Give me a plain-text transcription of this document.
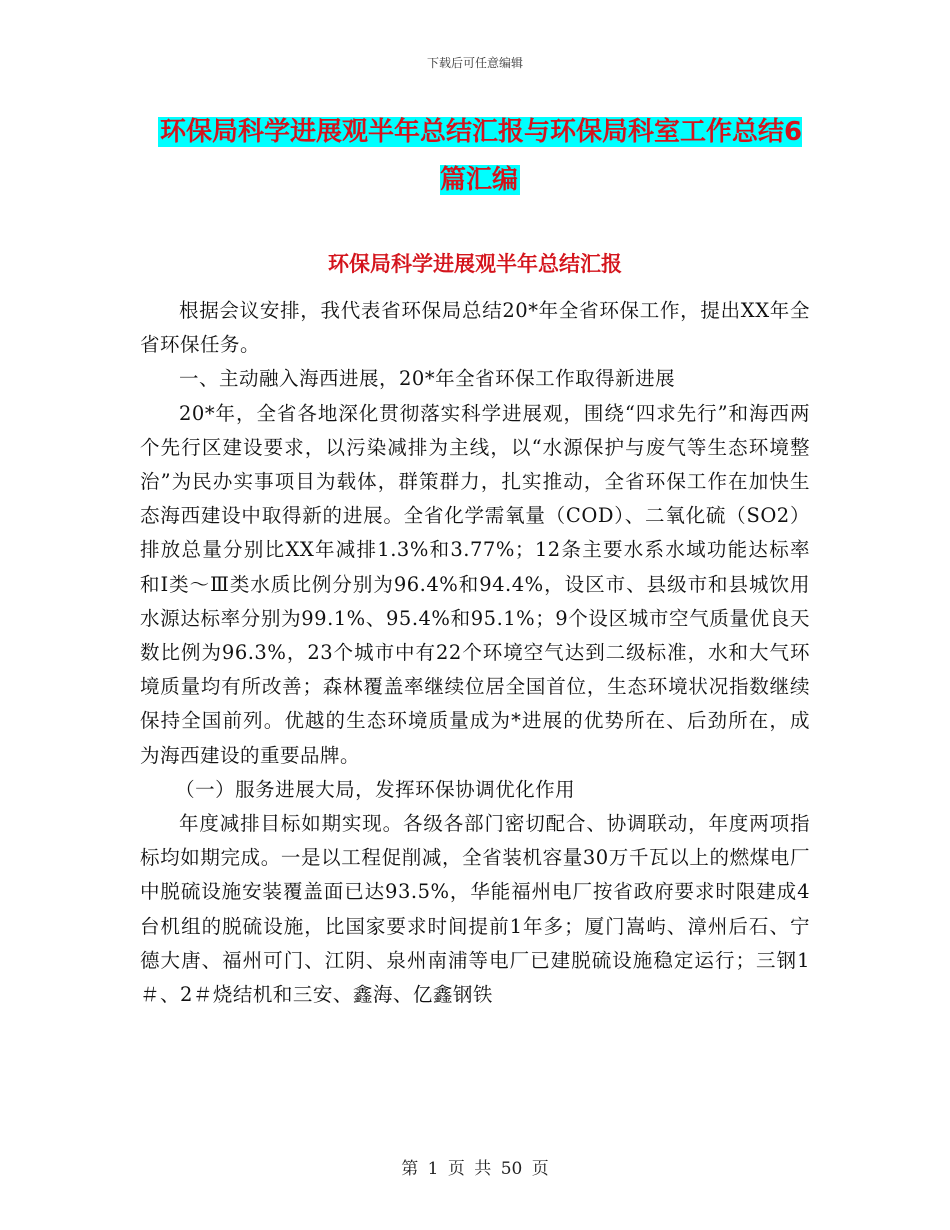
下载后可任意编辑
环保局科学进展观半年总结汇报与环保局科室工作总结6篇汇编
环保局科学进展观半年总结汇报

根据会议安排，我代表省环保局总结20*年全省环保工作，提出XX年全省环保任务。

一、主动融入海西进展，20*年全省环保工作取得新进展

20*年，全省各地深化贯彻落实科学进展观，围绕“四求先行”和海西两个先行区建设要求，以污染减排为主线，以“水源保护与废气等生态环境整治”为民办实事项目为载体，群策群力，扎实推动，全省环保工作在加快生态海西建设中取得新的进展。全省化学需氧量（COD）、二氧化硫（SO2）排放总量分别比XX年减排1.3%和3.77%；12条主要水系水域功能达标率和Ⅰ类～Ⅲ类水质比例分别为96.4%和94.4%，设区市、县级市和县城饮用水源达标率分别为99.1%、95.4%和95.1%；9个设区城市空气质量优良天数比例为96.3%，23个城市中有22个环境空气达到二级标准，水和大气环境质量均有所改善；森林覆盖率继续位居全国首位，生态环境状况指数继续保持全国前列。优越的生态环境质量成为*进展的优势所在、后劲所在，成为海西建设的重要品牌。

（一）服务进展大局，发挥环保协调优化作用

年度减排目标如期实现。各级各部门密切配合、协调联动，年度两项指标均如期完成。一是以工程促削减，全省装机容量30万千瓦以上的燃煤电厂中脱硫设施安装覆盖面已达93.5%，华能福州电厂按省政府要求时限建成4台机组的脱硫设施，比国家要求时间提前1年多；厦门嵩屿、漳州后石、宁德大唐、福州可门、江阴、泉州南浦等电厂已建脱硫设施稳定运行；三钢1＃、2＃烧结机和三安、鑫海、亿鑫钢铁

第 1 页 共 50 页
